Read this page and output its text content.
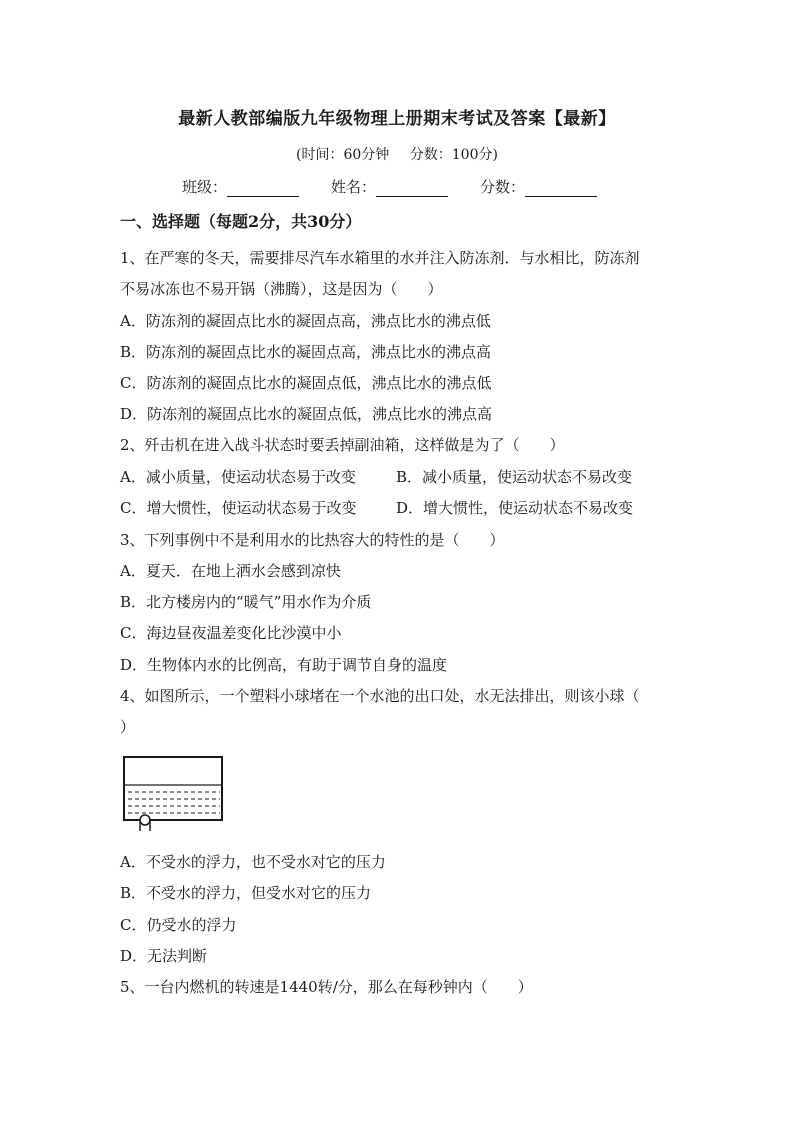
最新人教部编版九年级物理上册期末考试及答案【最新】
(时间：60分钟 分数：100分)
班级：	姓名：	分数：
一、选择题（每题2分，共30分）
1、在严寒的冬天，需要排尽汽车水箱里的水并注入防冻剂．与水相比，防冻剂
不易冰冻也不易开锅（沸腾），这是因为（　　）
A．防冻剂的凝固点比水的凝固点高，沸点比水的沸点低
B．防冻剂的凝固点比水的凝固点高，沸点比水的沸点高
C．防冻剂的凝固点比水的凝固点低，沸点比水的沸点低
D．防冻剂的凝固点比水的凝固点低，沸点比水的沸点高
2、歼击机在进入战斗状态时要丢掉副油箱，这样做是为了（　　）
A．减小质量，使运动状态易于改变	B．减小质量，使运动状态不易改变
C．增大惯性，使运动状态易于改变	D．增大惯性，使运动状态不易改变
3、下列事例中不是利用水的比热容大的特性的是（　　）
A．夏天．在地上洒水会感到凉快
B．北方楼房内的“暖气”用水作为介质
C．海边昼夜温差变化比沙漠中小
D．生物体内水的比例高，有助于调节自身的温度
4、如图所示，一个塑料小球堵在一个水池的出口处，水无法排出，则该小球（
）
A．不受水的浮力，也不受水对它的压力
B．不受水的浮力，但受水对它的压力
C．仍受水的浮力
D．无法判断
5、一台内燃机的转速是1440转/分，那么在每秒钟内（　　）
